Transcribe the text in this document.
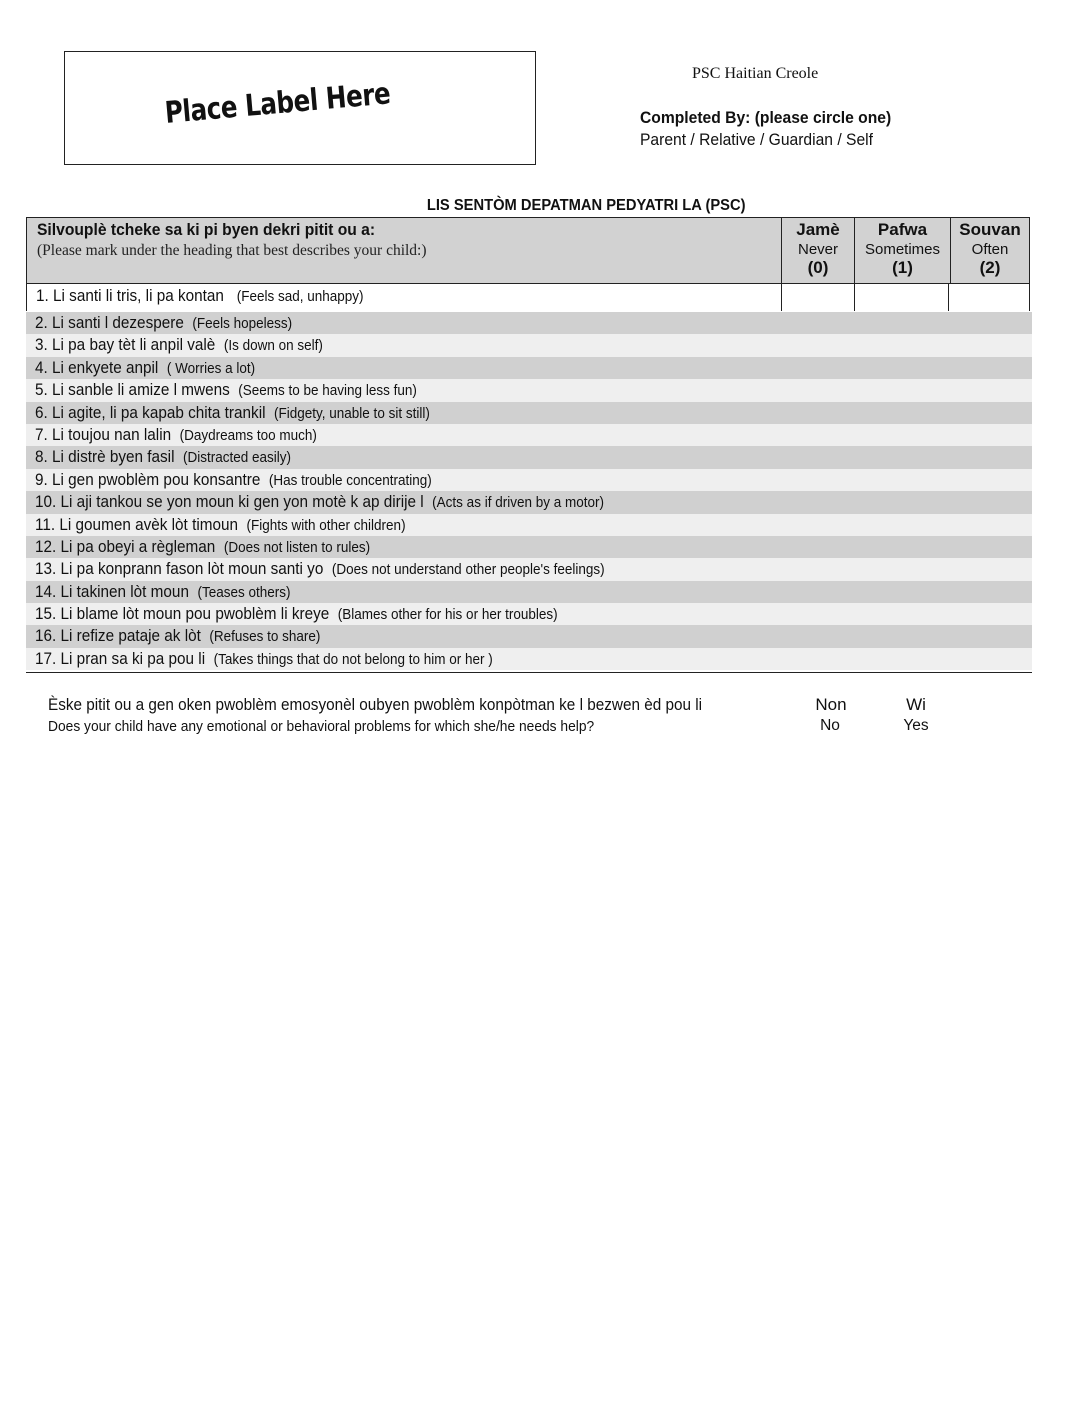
Place Label Here
PSC Haitian Creole
Completed By: (please circle one)
Parent / Relative / Guardian / Self
LIS SENTÒM DEPATMAN PEDYATRI LA (PSC)
Silvouplè tcheke sa ki pi byen dekri pitit ou a:
(Please mark under the heading that best describes your child:)
Jamè
Never
(0)
Pafwa
Sometimes
(1)
Souvan
Often
(2)
1. Li santi li tris, li pa kontan (Feels sad, unhappy)
2. Li santi l dezespere (Feels hopeless)
3. Li pa bay tèt li anpil valè (Is down on self)
4. Li enkyete anpil ( Worries a lot)
5. Li sanble li amize l mwens (Seems to be having less fun)
6. Li agite, li pa kapab chita trankil (Fidgety, unable to sit still)
7. Li toujou nan lalin (Daydreams too much)
8. Li distrè byen fasil (Distracted easily)
9. Li gen pwoblèm pou konsantre (Has trouble concentrating)
10. Li aji tankou se yon moun ki gen yon motè k ap dirije l (Acts as if driven by a motor)
11. Li goumen avèk lòt timoun (Fights with other children)
12. Li pa obeyi a règleman (Does not listen to rules)
13. Li pa konprann fason lòt moun santi yo (Does not understand other people's feelings)
14. Li takinen lòt moun (Teases others)
15. Li blame lòt moun pou pwoblèm li kreye (Blames other for his or her troubles)
16. Li refize pataje ak lòt (Refuses to share)
17. Li pran sa ki pa pou li (Takes things that do not belong to him or her )
Èske pitit ou a gen oken pwoblèm emosyonèl oubyen pwoblèm konpòtman ke l bezwen èd pou li
Does your child have any emotional or behavioral problems for which she/he needs help?
Non
No
Wi
Yes
